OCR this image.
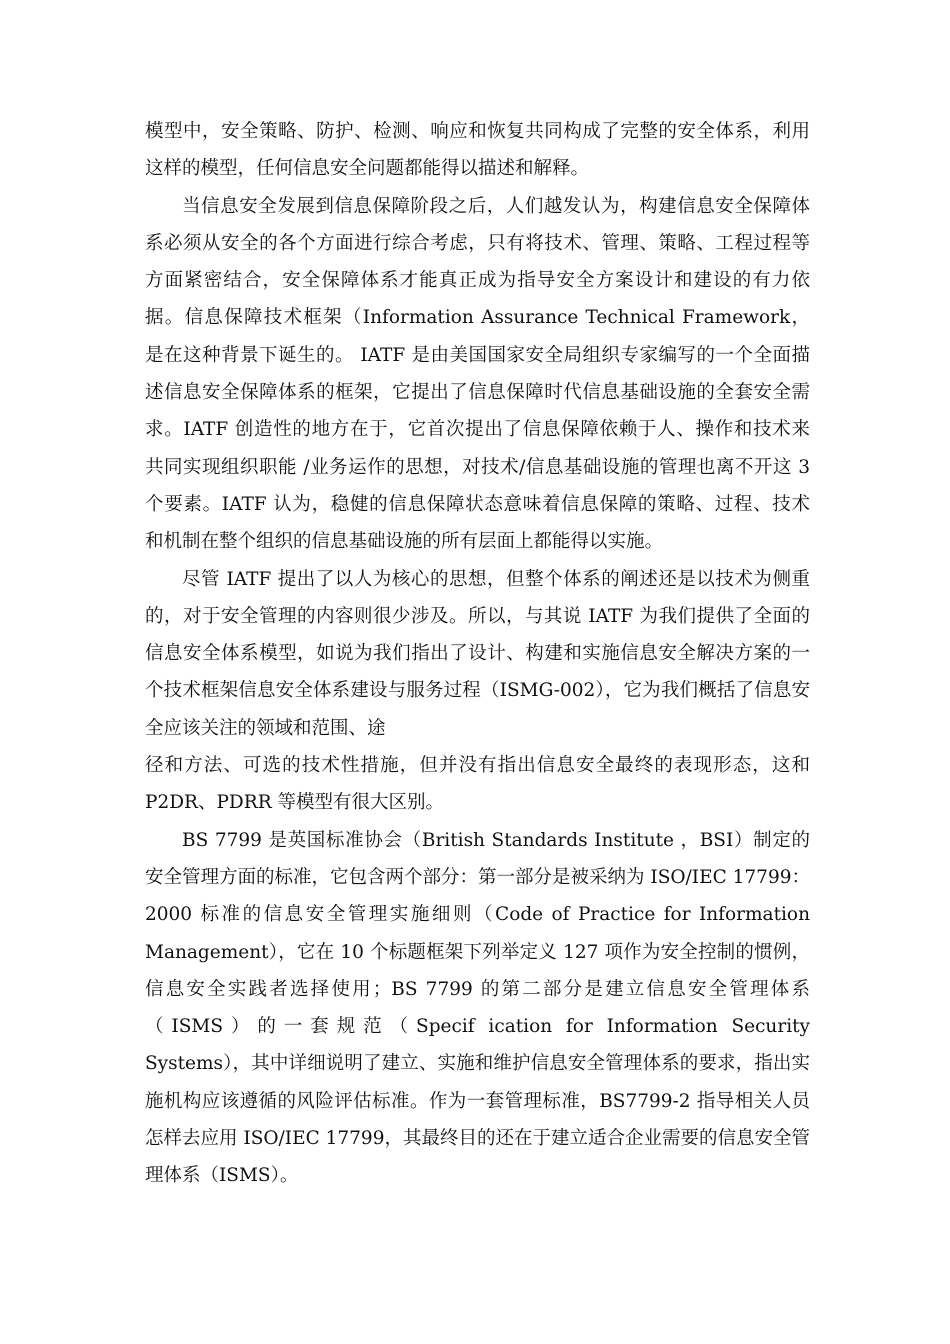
模型中，安全策略、防护、检测、响应和恢复共同构成了完整的安全体系，利用
这样的模型，任何信息安全问题都能得以描述和解释。
当信息安全发展到信息保障阶段之后，人们越发认为，构建信息安全保障体
系必须从安全的各个方面进行综合考虑，只有将技术、管理、策略、工程过程等
方面紧密结合，安全保障体系才能真正成为指导安全方案设计和建设的有力依
据。信息保障技术框架（Information Assurance Technical Framework，
是在这种背景下诞生的。 IATF 是由美国国家安全局组织专家编写的一个全面描
述信息安全保障体系的框架，它提出了信息保障时代信息基础设施的全套安全需
求。IATF 创造性的地方在于，它首次提出了信息保障依赖于人、操作和技术来
共同实现组织职能 /业务运作的思想，对技术/信息基础设施的管理也离不开这 3
个要素。IATF 认为，稳健的信息保障状态意味着信息保障的策略、过程、技术
和机制在整个组织的信息基础设施的所有层面上都能得以实施。
尽管 IATF 提出了以人为核心的思想，但整个体系的阐述还是以技术为侧重
的，对于安全管理的内容则很少涉及。所以，与其说 IATF 为我们提供了全面的
信息安全体系模型，如说为我们指出了设计、构建和实施信息安全解决方案的一
个技术框架信息安全体系建设与服务过程（ISMG-002），它为我们概括了信息安
全应该关注的领域和范围、途
径和方法、可选的技术性措施，但并没有指出信息安全最终的表现形态，这和
P2DR、PDRR 等模型有很大区别。
BS 7799 是英国标准协会（British Standards Institute ，BSI）制定的
安全管理方面的标准，它包含两个部分：第一部分是被采纳为 ISO/IEC 17799：
2000 标准的信息安全管理实施细则（Code of Practice for Information
Management），它在 10 个标题框架下列举定义 127 项作为安全控制的惯例，
信息安全实践者选择使用；BS 7799 的第二部分是建立信息安全管理体系
（ISMS）的一套规范（Specif ication for Information Security
Systems），其中详细说明了建立、实施和维护信息安全管理体系的要求，指出实
施机构应该遵循的风险评估标准。作为一套管理标准，BS7799-2 指导相关人员
怎样去应用 ISO/IEC 17799，其最终目的还在于建立适合企业需要的信息安全管
理体系（ISMS）。
